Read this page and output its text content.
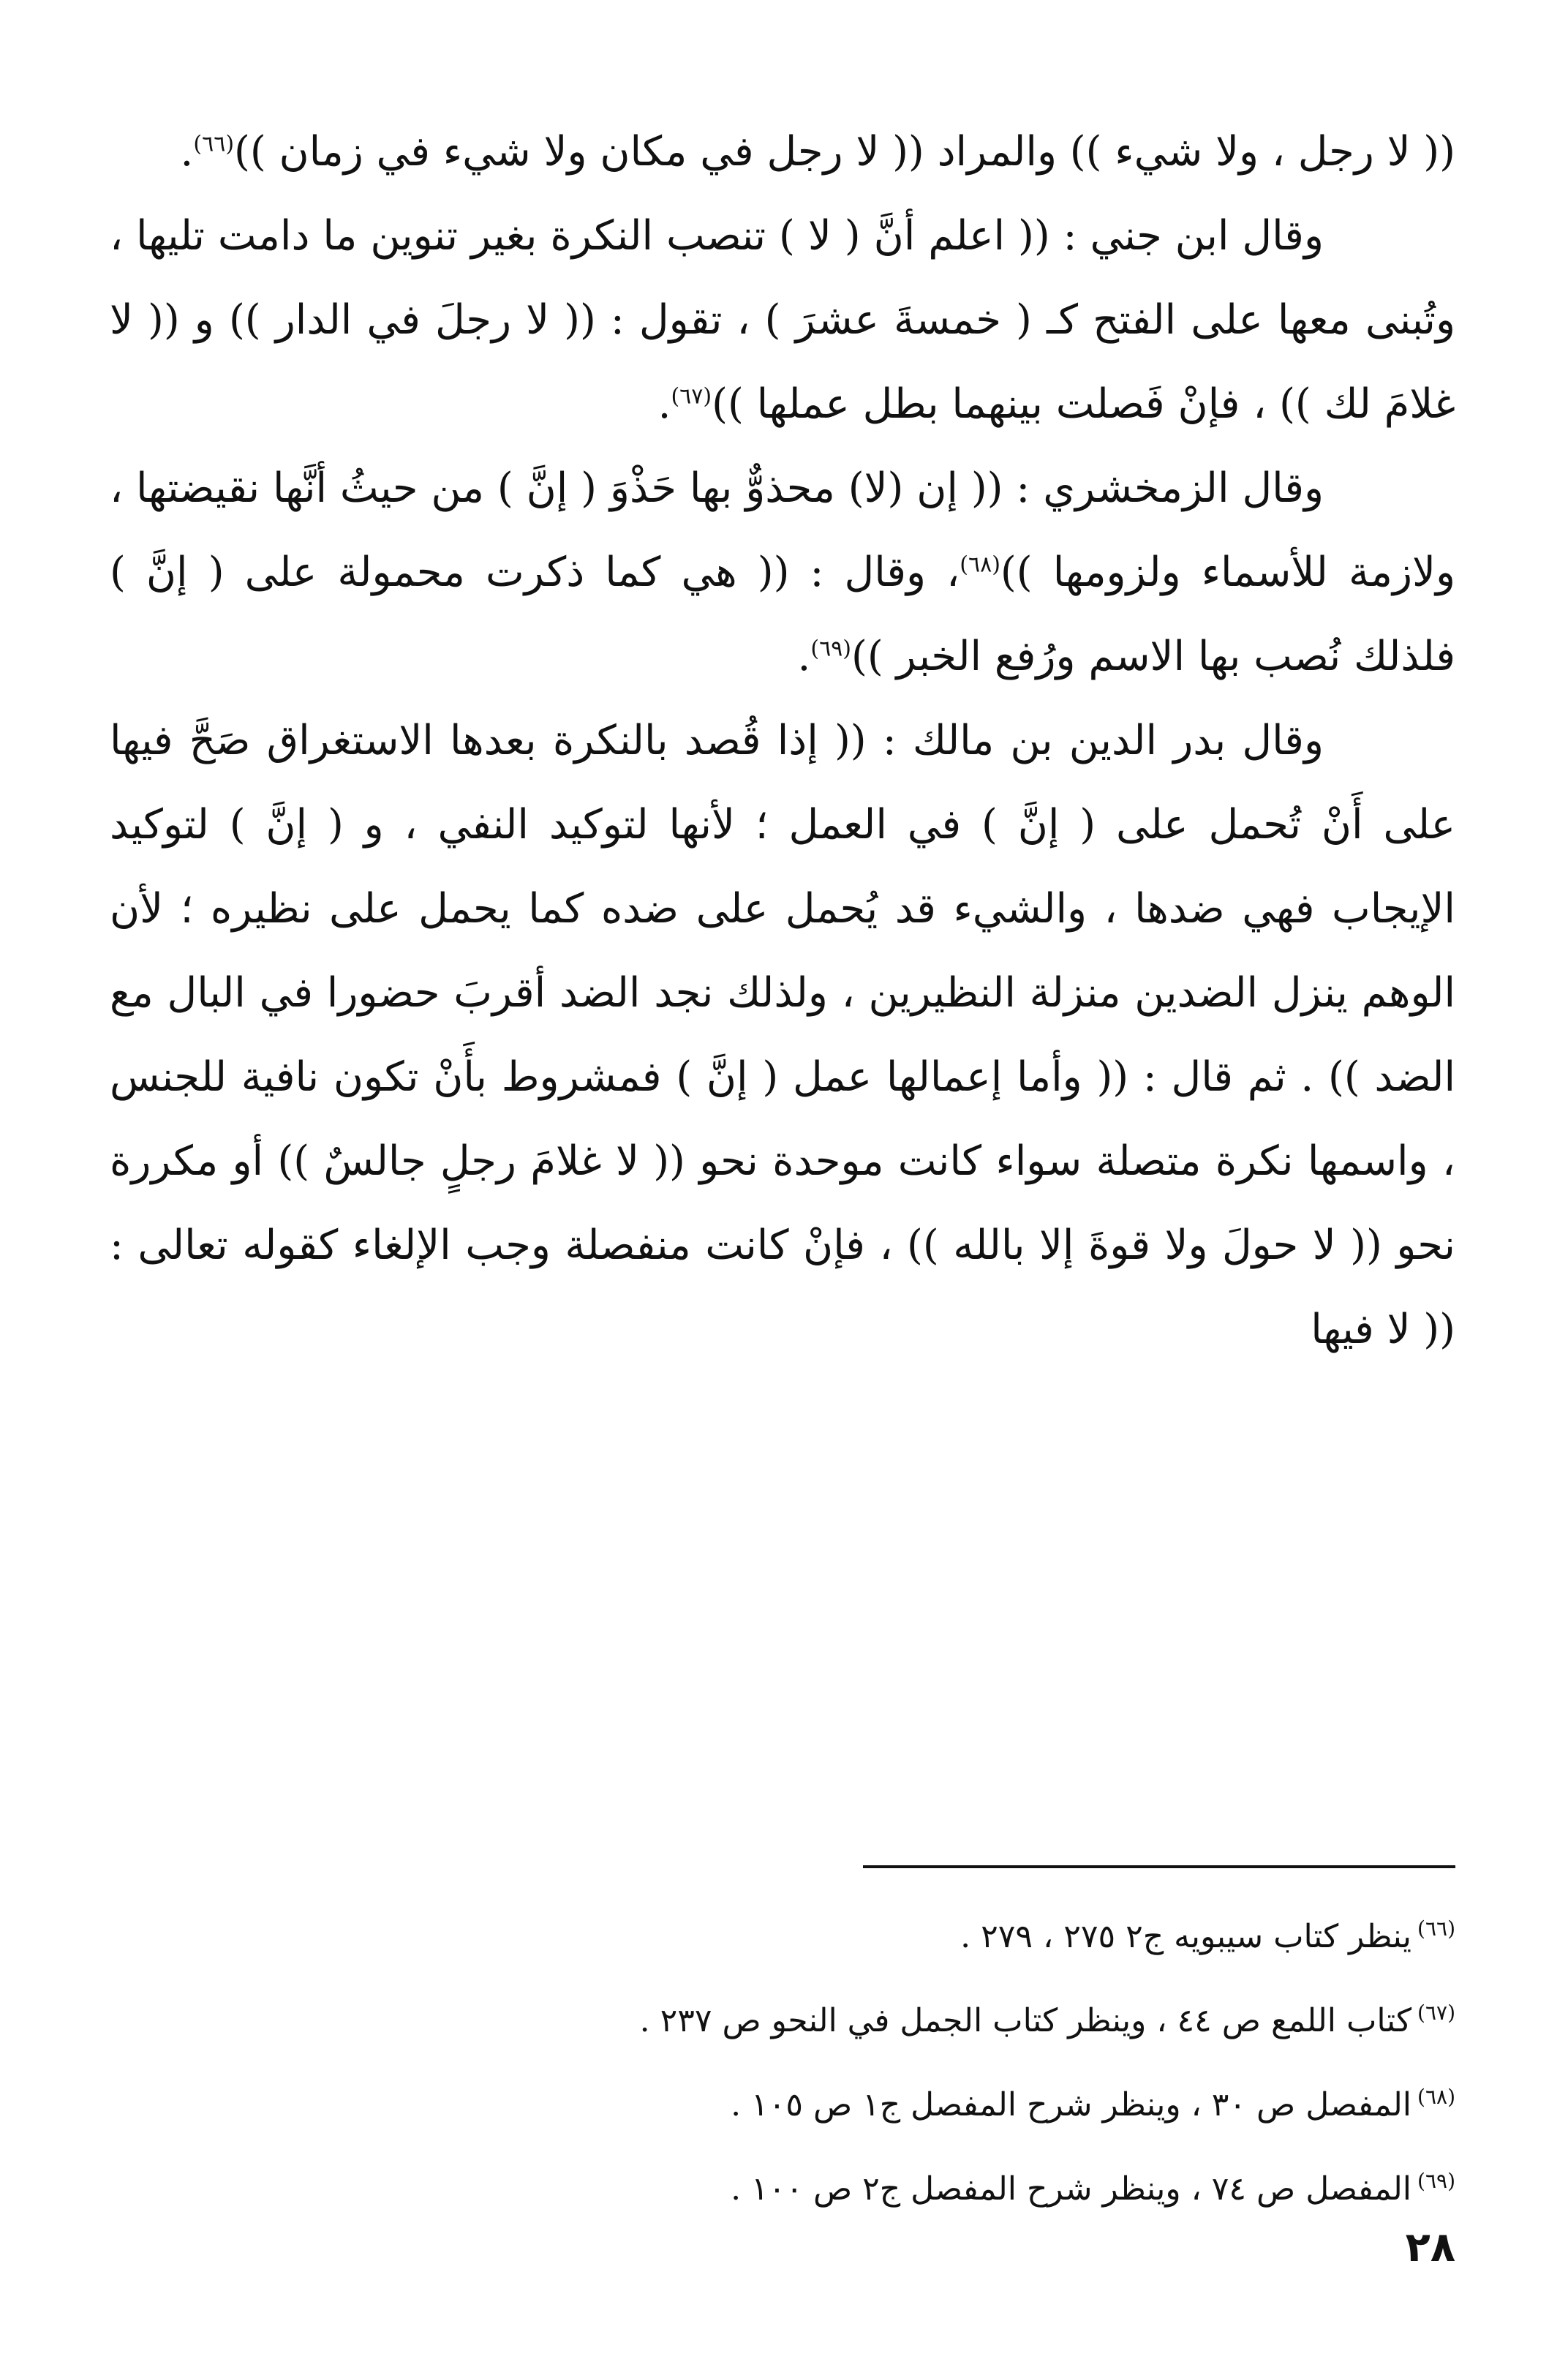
(( لا رجل ، ولا شيء )) والمراد (( لا رجل في مكان ولا شيء في زمان ))$^{(٦٦)}$.

وقال ابن جني : (( اعلم أنَّ ( لا ) تنصب النكرة بغير تنوين ما دامت تليها ، وتُبنى معها على الفتح كـ ( خمسةَ عشرَ ) ، تقول : (( لا رجلَ في الدار )) و (( لا غلامَ لك )) ، فإنْ فَصلت بينهما بطل عملها ))$^{(٦٧)}$.

وقال الزمخشري : (( إن (لا) محذوٌّ بها حَذْوَ ( إنَّ ) من حيثُ أنَّها نقيضتها ، ولازمة للأسماء ولزومها ))$^{(٦٨)}$، وقال : (( هي كما ذكرت محمولة على ( إنَّ ) فلذلك نُصب بها الاسم ورُفع الخبر ))$^{(٦٩)}$.

وقال بدر الدين بن مالك : (( إذا قُصد بالنكرة بعدها الاستغراق صَحَّ فيها على أَنْ تُحمل على ( إنَّ ) في العمل ؛ لأنها لتوكيد النفي ، و ( إنَّ ) لتوكيد الإيجاب فهي ضدها ، والشيء قد يُحمل على ضده كما يحمل على نظيره ؛ لأن الوهم ينزل الضدين منزلة النظيرين ، ولذلك نجد الضد أقربَ حضورا في البال مع الضد )) . ثم قال : (( وأما إعمالها عمل ( إنَّ ) فمشروط بأَنْ تكون نافية للجنس ، واسمها نكرة متصلة سواء كانت موحدة نحو (( لا غلامَ رجلٍ جالسٌ )) أو مكررة نحو (( لا حولَ ولا قوةَ إلا بالله )) ، فإنْ كانت منفصلة وجب الإلغاء كقوله تعالى : (( لا فيها

$^{(٦٦)}$ينظر كتاب سيبويه ج٢ ٢٧٥ ، ٢٧٩ .

$^{(٦٧)}$كتاب اللمع ص ٤٤ ، وينظر كتاب الجمل في النحو ص ٢٣٧ .

$^{(٦٨)}$المفصل ص ٣٠ ، وينظر شرح المفصل ج١ ص ١٠٥ .

$^{(٦٩)}$المفصل ص ٧٤ ، وينظر شرح المفصل ج٢ ص ١٠٠ .

٢٨
